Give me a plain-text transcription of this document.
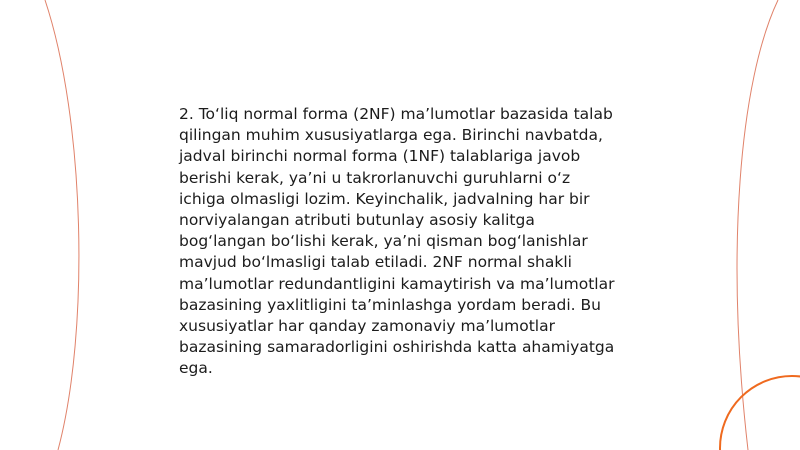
2. To‘liq normal forma (2NF) ma’lumotlar bazasida talab qilingan muhim xususiyatlarga ega. Birinchi navbatda, jadval birinchi normal forma (1NF) talablariga javob berishi kerak, ya’ni u takrorlanuvchi guruhlarni o‘z ichiga olmasligi lozim. Keyinchalik, jadvalning har bir norviyalangan atributi butunlay asosiy kalitga bog‘langan bo‘lishi kerak, ya’ni qisman bog‘lanishlar mavjud bo‘lmasligi talab etiladi. 2NF normal shakli ma’lumotlar redundantligini kamaytirish va ma’lumotlar bazasining yaxlitligini ta’minlashga yordam beradi. Bu xususiyatlar har qanday zamonaviy ma’lumotlar bazasining samaradorligini oshirishda katta ahamiyatga ega.
